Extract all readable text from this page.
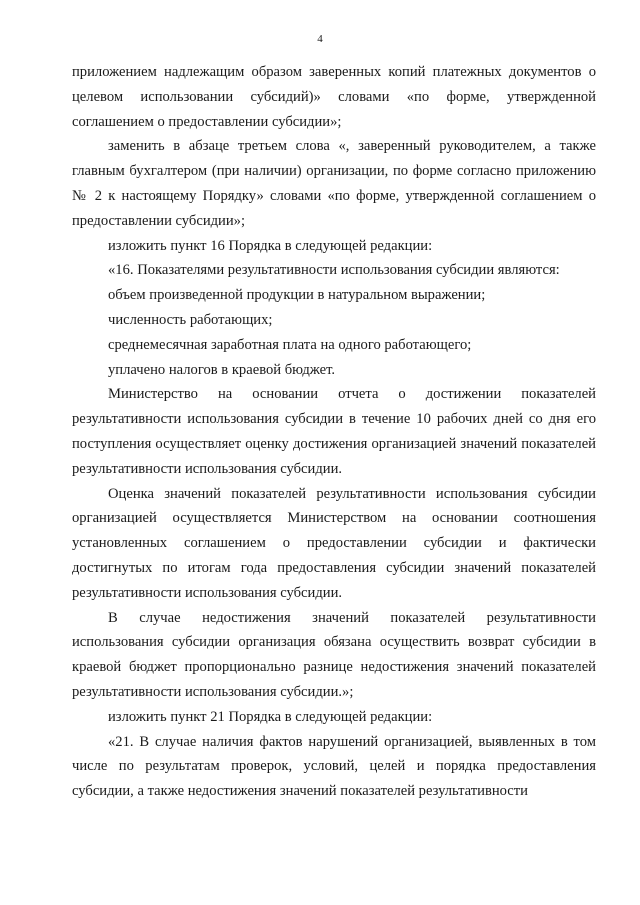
4

приложением надлежащим образом заверенных копий платежных документов о целевом использовании субсидий)» словами «по форме, утвержденной соглашением о предоставлении субсидии»;

заменить в абзаце третьем слова «, заверенный руководителем, а также главным бухгалтером (при наличии) организации, по форме согласно приложению № 2 к настоящему Порядку» словами «по форме, утвержденной соглашением о предоставлении субсидии»;

изложить пункт 16 Порядка в следующей редакции:

«16. Показателями результативности использования субсидии являются:

объем произведенной продукции в натуральном выражении;

численность работающих;

среднемесячная заработная плата на одного работающего;

уплачено налогов в краевой бюджет.

Министерство на основании отчета о достижении показателей результативности использования субсидии в течение 10 рабочих дней со дня его поступления осуществляет оценку достижения организацией значений показателей результативности использования субсидии.

Оценка значений показателей результативности использования субсидии организацией осуществляется Министерством на основании соотношения установленных соглашением о предоставлении субсидии и фактически достигнутых по итогам года предоставления субсидии значений показателей результативности использования субсидии.

В случае недостижения значений показателей результативности использования субсидии организация обязана осуществить возврат субсидии в краевой бюджет пропорционально разнице недостижения значений показателей результативности использования субсидии.»;

изложить пункт 21 Порядка в следующей редакции:

«21. В случае наличия фактов нарушений организацией, выявленных в том числе по результатам проверок, условий, целей и порядка предоставления субсидии, а также недостижения значений показателей результативности
